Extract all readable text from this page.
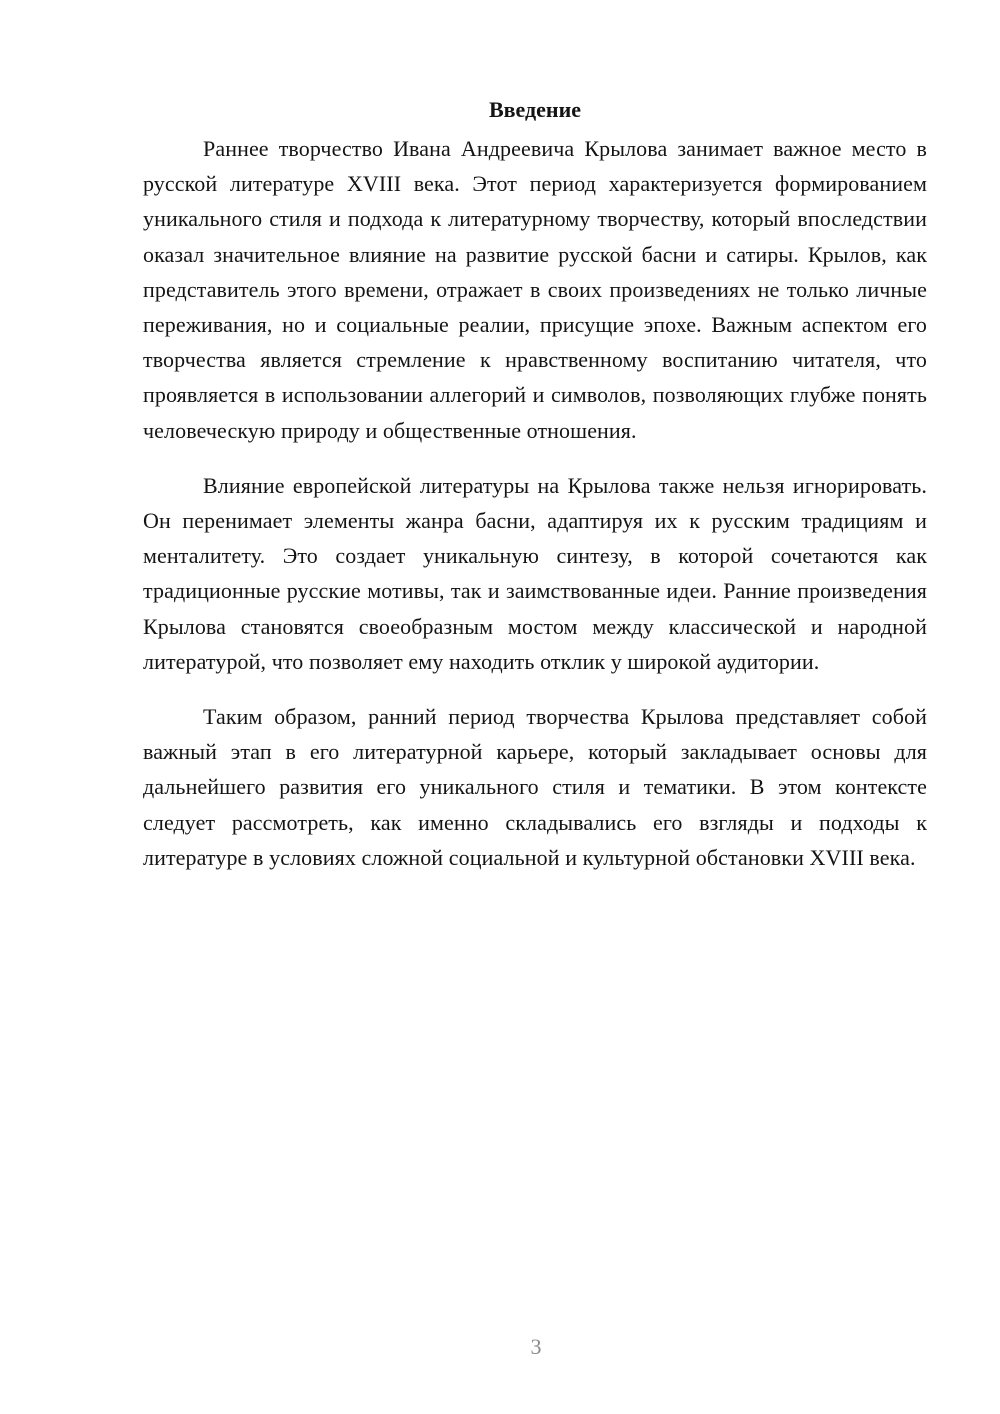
Введение

Раннее творчество Ивана Андреевича Крылова занимает важное место в русской литературе XVIII века. Этот период характеризуется формированием уникального стиля и подхода к литературному творчеству, который впоследствии оказал значительное влияние на развитие русской басни и сатиры. Крылов, как представитель этого времени, отражает в своих произведениях не только личные переживания, но и социальные реалии, присущие эпохе. Важным аспектом его творчества является стремление к нравственному воспитанию читателя, что проявляется в использовании аллегорий и символов, позволяющих глубже понять человеческую природу и общественные отношения.

Влияние европейской литературы на Крылова также нельзя игнорировать. Он перенимает элементы жанра басни, адаптируя их к русским традициям и менталитету. Это создает уникальную синтезу, в которой сочетаются как традиционные русские мотивы, так и заимствованные идеи. Ранние произведения Крылова становятся своеобразным мостом между классической и народной литературой, что позволяет ему находить отклик у широкой аудитории.

Таким образом, ранний период творчества Крылова представляет собой важный этап в его литературной карьере, который закладывает основы для дальнейшего развития его уникального стиля и тематики. В этом контексте следует рассмотреть, как именно складывались его взгляды и подходы к литературе в условиях сложной социальной и культурной обстановки XVIII века.

3
